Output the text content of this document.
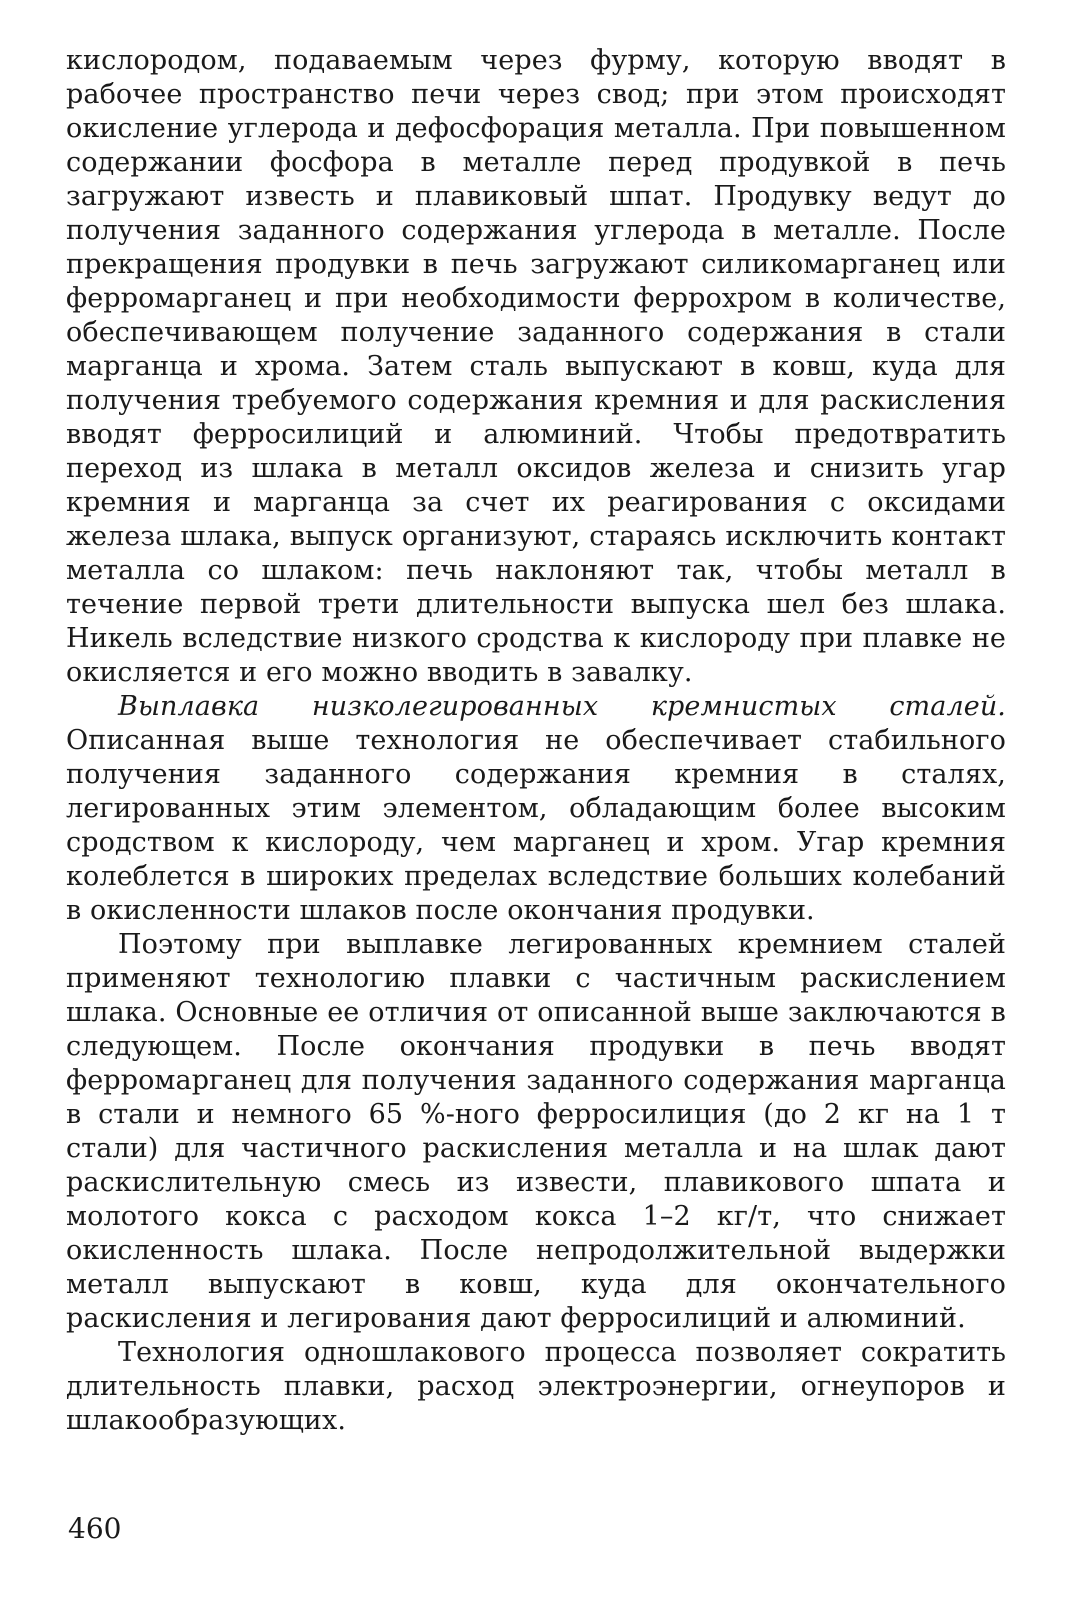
кислородом, подаваемым через фурму, которую вводят в рабочее пространство печи через свод; при этом происходят окисление углерода и дефосфорация металла. При повышенном содержании фосфора в металле перед продувкой в печь загружают известь и плавиковый шпат. Продувку ведут до получения заданного содержания углерода в металле. После прекращения продувки в печь загружают силикомарганец или ферромарганец и при необходимости феррохром в количестве, обеспечивающем получение заданного содержания в стали марганца и хрома. Затем сталь выпускают в ковш, куда для получения требуемого содержания кремния и для раскисления вводят ферросилиций и алюминий. Чтобы предотвратить переход из шлака в металл оксидов железа и снизить угар кремния и марганца за счет их реагирования с оксидами железа шлака, выпуск организуют, стараясь исключить контакт металла со шлаком: печь наклоняют так, чтобы металл в течение первой трети длительности выпуска шел без шлака. Никель вследствие низкого сродства к кислороду при плавке не окисляется и его можно вводить в завалку.

Выплавка низколегированных кремнистых сталей. Описанная выше технология не обеспечивает стабильного получения заданного содержания кремния в сталях, легированных этим элементом, обладающим более высоким сродством к кислороду, чем марганец и хром. Угар кремния колеблется в широких пределах вследствие больших колебаний в окисленности шлаков после окончания продувки.

Поэтому при выплавке легированных кремнием сталей применяют технологию плавки с частичным раскислением шлака. Основные ее отличия от описанной выше заключаются в следующем. После окончания продувки в печь вводят ферромарганец для получения заданного содержания марганца в стали и немного 65 %-ного ферросилиция (до 2 кг на 1 т стали) для частичного раскисления металла и на шлак дают раскислительную смесь из извести, плавикового шпата и молотого кокса с расходом кокса 1–2 кг/т, что снижает окисленность шлака. После непродолжительной выдержки металл выпускают в ковш, куда для окончательного раскисления и легирования дают ферросилиций и алюминий.

Технология одношлакового процесса позволяет сократить длительность плавки, расход электроэнергии, огнеупоров и шлакообразующих.

460
